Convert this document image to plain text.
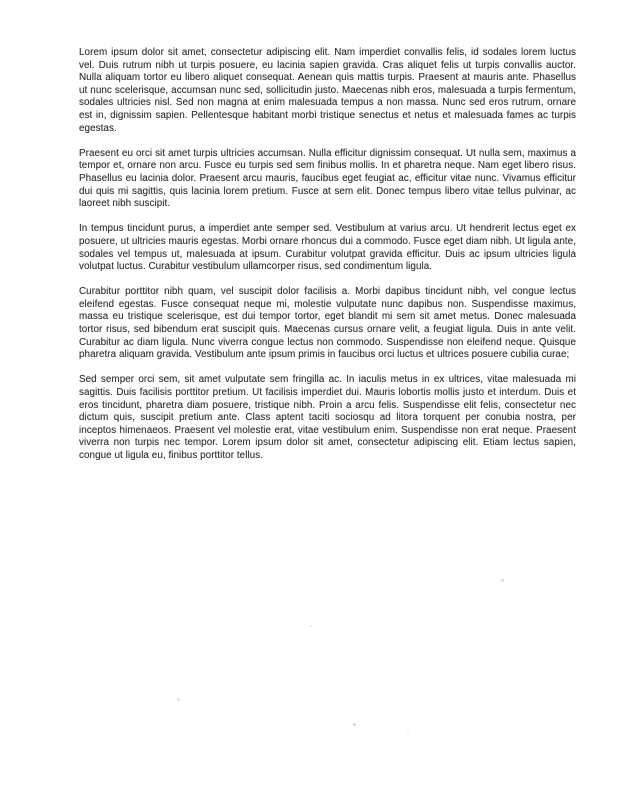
Lorem ipsum dolor sit amet, consectetur adipiscing elit. Nam imperdiet convallis felis, id sodales lorem luctus vel. Duis rutrum nibh ut turpis posuere, eu lacinia sapien gravida. Cras aliquet felis ut turpis convallis auctor. Nulla aliquam tortor eu libero aliquet consequat. Aenean quis mattis turpis. Praesent at mauris ante. Phasellus ut nunc scelerisque, accumsan nunc sed, sollicitudin justo. Maecenas nibh eros, malesuada a turpis fermentum, sodales ultricies nisl. Sed non magna at enim malesuada tempus a non massa. Nunc sed eros rutrum, ornare est in, dignissim sapien. Pellentesque habitant morbi tristique senectus et netus et malesuada fames ac turpis egestas.

Praesent eu orci sit amet turpis ultricies accumsan. Nulla efficitur dignissim consequat. Ut nulla sem, maximus a tempor et, ornare non arcu. Fusce eu turpis sed sem finibus mollis. In et pharetra neque. Nam eget libero risus. Phasellus eu lacinia dolor. Praesent arcu mauris, faucibus eget feugiat ac, efficitur vitae nunc. Vivamus efficitur dui quis mi sagittis, quis lacinia lorem pretium. Fusce at sem elit. Donec tempus libero vitae tellus pulvinar, ac laoreet nibh suscipit.

In tempus tincidunt purus, a imperdiet ante semper sed. Vestibulum at varius arcu. Ut hendrerit lectus eget ex posuere, ut ultricies mauris egestas. Morbi ornare rhoncus dui a commodo. Fusce eget diam nibh. Ut ligula ante, sodales vel tempus ut, malesuada at ipsum. Curabitur volutpat gravida efficitur. Duis ac ipsum ultricies ligula volutpat luctus. Curabitur vestibulum ullamcorper risus, sed condimentum ligula.

Curabitur porttitor nibh quam, vel suscipit dolor facilisis a. Morbi dapibus tincidunt nibh, vel congue lectus eleifend egestas. Fusce consequat neque mi, molestie vulputate nunc dapibus non. Suspendisse maximus, massa eu tristique scelerisque, est dui tempor tortor, eget blandit mi sem sit amet metus. Donec malesuada tortor risus, sed bibendum erat suscipit quis. Maecenas cursus ornare velit, a feugiat ligula. Duis in ante velit. Curabitur ac diam ligula. Nunc viverra congue lectus non commodo. Suspendisse non eleifend neque. Quisque pharetra aliquam gravida. Vestibulum ante ipsum primis in faucibus orci luctus et ultrices posuere cubilia curae;

Sed semper orci sem, sit amet vulputate sem fringilla ac. In iaculis metus in ex ultrices, vitae malesuada mi sagittis. Duis facilisis porttitor pretium. Ut facilisis imperdiet dui. Mauris lobortis mollis justo et interdum. Duis et eros tincidunt, pharetra diam posuere, tristique nibh. Proin a arcu felis. Suspendisse elit felis, consectetur nec dictum quis, suscipit pretium ante. Class aptent taciti sociosqu ad litora torquent per conubia nostra, per inceptos himenaeos. Praesent vel molestie erat, vitae vestibulum enim. Suspendisse non erat neque. Praesent viverra non turpis nec tempor. Lorem ipsum dolor sit amet, consectetur adipiscing elit. Etiam lectus sapien, congue ut ligula eu, finibus porttitor tellus.
